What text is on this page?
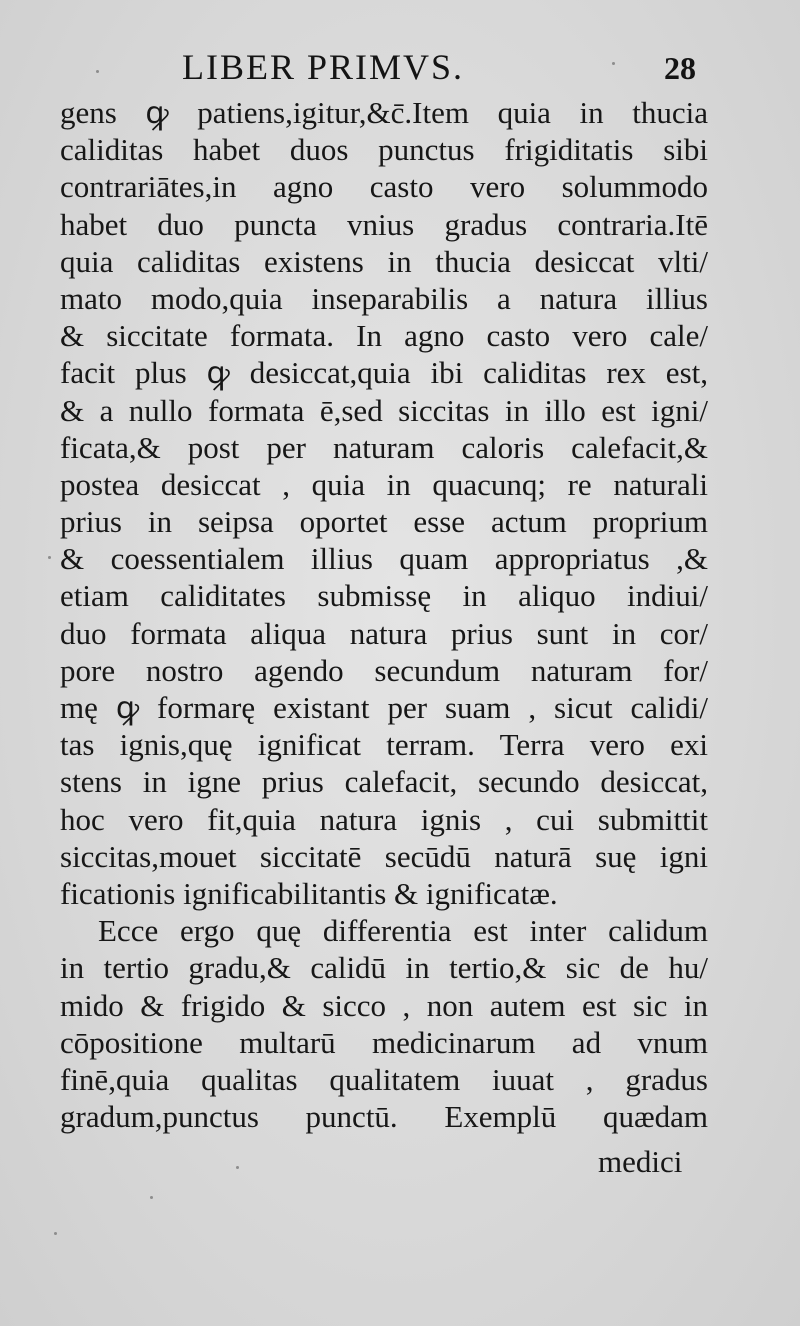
LIBER PRIMVS.	28
gens ꝙ patiens,igitur,&c̄.Item quia in thucia
caliditas habet duos punctus frigiditatis sibi
contrariātes,in agno casto vero solummodo
habet duo puncta vnius gradus contraria.Itē
quia caliditas existens in thucia desiccat vlti/
mato modo,quia inseparabilis a natura illius
& siccitate formata. In agno casto vero cale/
facit plus ꝙ desiccat,quia ibi caliditas rex est,
& a nullo formata ē,sed siccitas in illo est igni/
ficata,& post per naturam caloris calefacit,&
postea desiccat , quia in quacunq; re naturali
prius in seipsa oportet esse actum proprium
& coessentialem illius quam appropriatus ,&
etiam caliditates submissę in aliquo indiui/
duo formata aliqua natura prius sunt in cor/
pore nostro agendo secundum naturam for/
mę ꝙ formarę existant per suam , sicut calidi/
tas ignis,quę ignificat terram. Terra vero exi
stens in igne prius calefacit, secundo desiccat,
hoc vero fit,quia natura ignis , cui submittit
siccitas,mouet siccitatē secūdū naturā suę igni
ficationis ignificabilitantis & ignificatæ.
Ecce ergo quę differentia est inter calidum
in tertio gradu,& calidū in tertio,& sic de hu/
mido & frigido & sicco , non autem est sic in
cōpositione multarū medicinarum ad vnum
finē,quia qualitas qualitatem iuuat , gradus
gradum,punctus punctū. Exemplū quædam
medici
